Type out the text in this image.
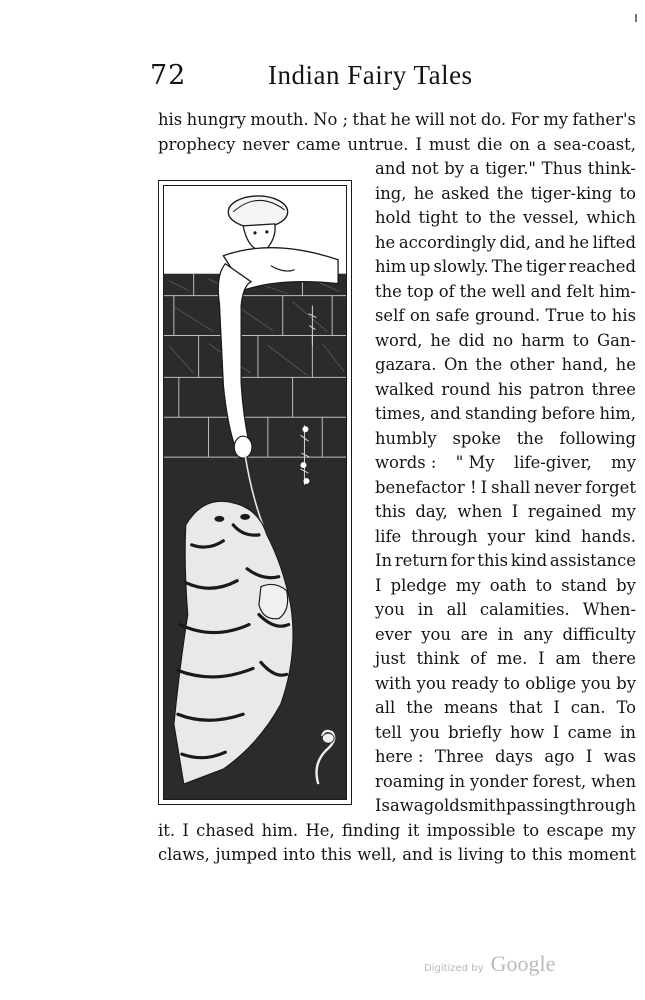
72	Indian Fairy Tales
his hungry mouth. No ; that he will not do. For my father's
prophecy never came untrue. I must die on a sea-coast,
and not by a tiger." Thus think-
ing, he asked the tiger-king to
hold tight to the vessel, which
he accordingly did, and he lifted
him up slowly. The tiger reached
the top of the well and felt him-
self on safe ground. True to his
word, he did no harm to Gan-
gazara. On the other hand, he
walked round his patron three
times, and standing before him,
humbly spoke the following
words : " My life-giver, my
benefactor ! I shall never forget
this day, when I regained my
life through your kind hands.
In return for this kind assistance
I pledge my oath to stand by
you in all calamities. When-
ever you are in any difficulty
just think of me. I am there
with you ready to oblige you by
all the means that I can. To
tell you briefly how I came in
here : Three days ago I was
roaming in yonder forest, when
I saw a goldsmith passing through
it. I chased him. He, finding it impossible to escape my
claws, jumped into this well, and is living to this moment
Digitized by Google
